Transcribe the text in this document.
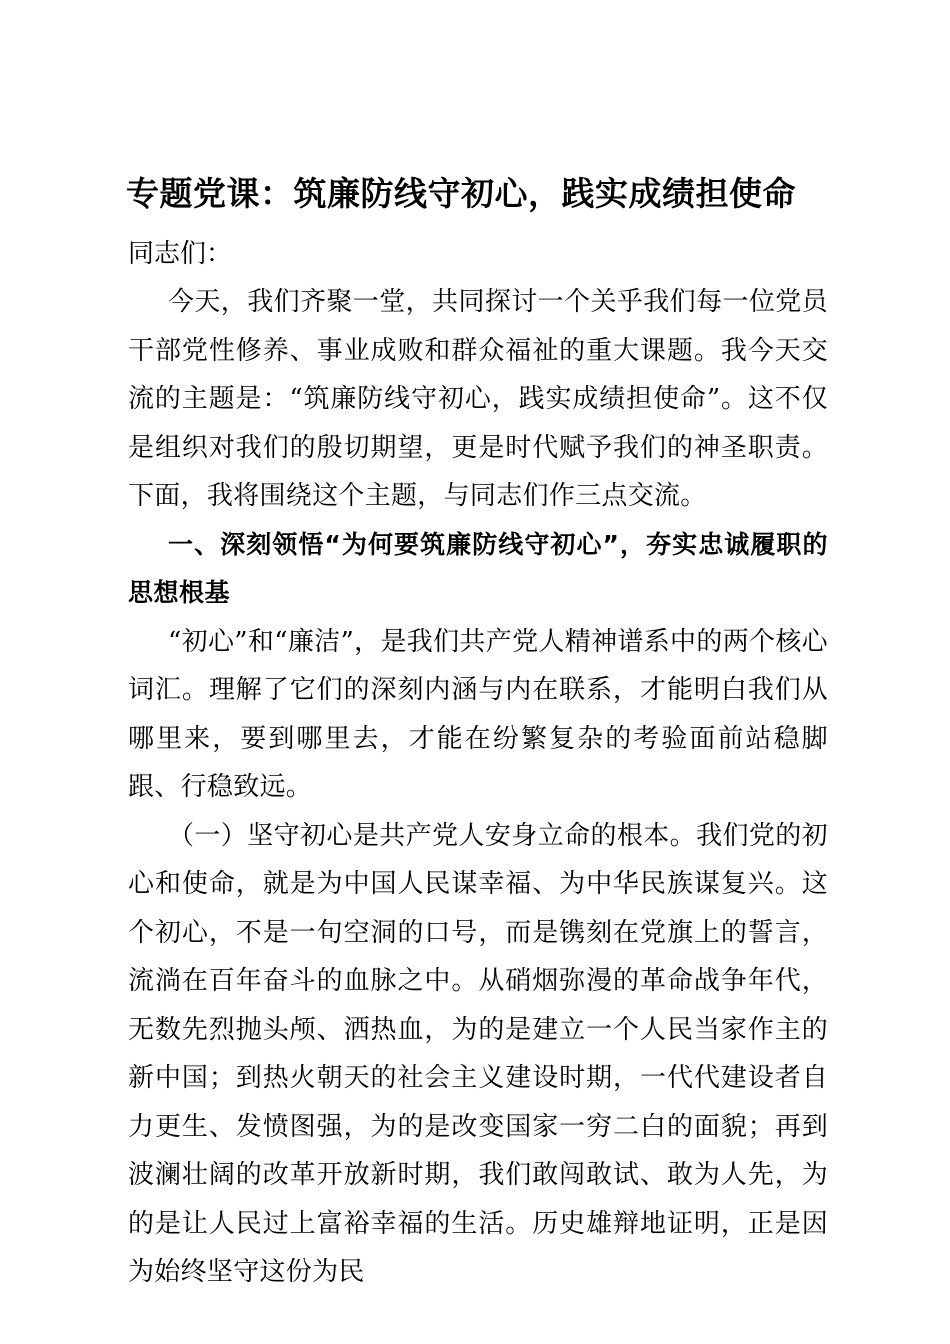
专题党课：筑廉防线守初心，践实成绩担使命

同志们：

今天，我们齐聚一堂，共同探讨一个关乎我们每一位党员干部党性修养、事业成败和群众福祉的重大课题。我今天交流的主题是：“筑廉防线守初心，践实成绩担使命”。这不仅是组织对我们的殷切期望，更是时代赋予我们的神圣职责。下面，我将围绕这个主题，与同志们作三点交流。

一、深刻领悟“为何要筑廉防线守初心”，夯实忠诚履职的思想根基

“初心”和“廉洁”，是我们共产党人精神谱系中的两个核心词汇。理解了它们的深刻内涵与内在联系，才能明白我们从哪里来，要到哪里去，才能在纷繁复杂的考验面前站稳脚跟、行稳致远。

（一）坚守初心是共产党人安身立命的根本。我们党的初心和使命，就是为中国人民谋幸福、为中华民族谋复兴。这个初心，不是一句空洞的口号，而是镌刻在党旗上的誓言，流淌在百年奋斗的血脉之中。从硝烟弥漫的革命战争年代，无数先烈抛头颅、洒热血，为的是建立一个人民当家作主的新中国；到热火朝天的社会主义建设时期，一代代建设者自力更生、发愤图强，为的是改变国家一穷二白的面貌；再到波澜壮阔的改革开放新时期，我们敢闯敢试、敢为人先，为的是让人民过上富裕幸福的生活。历史雄辩地证明，正是因为始终坚守这份为民
